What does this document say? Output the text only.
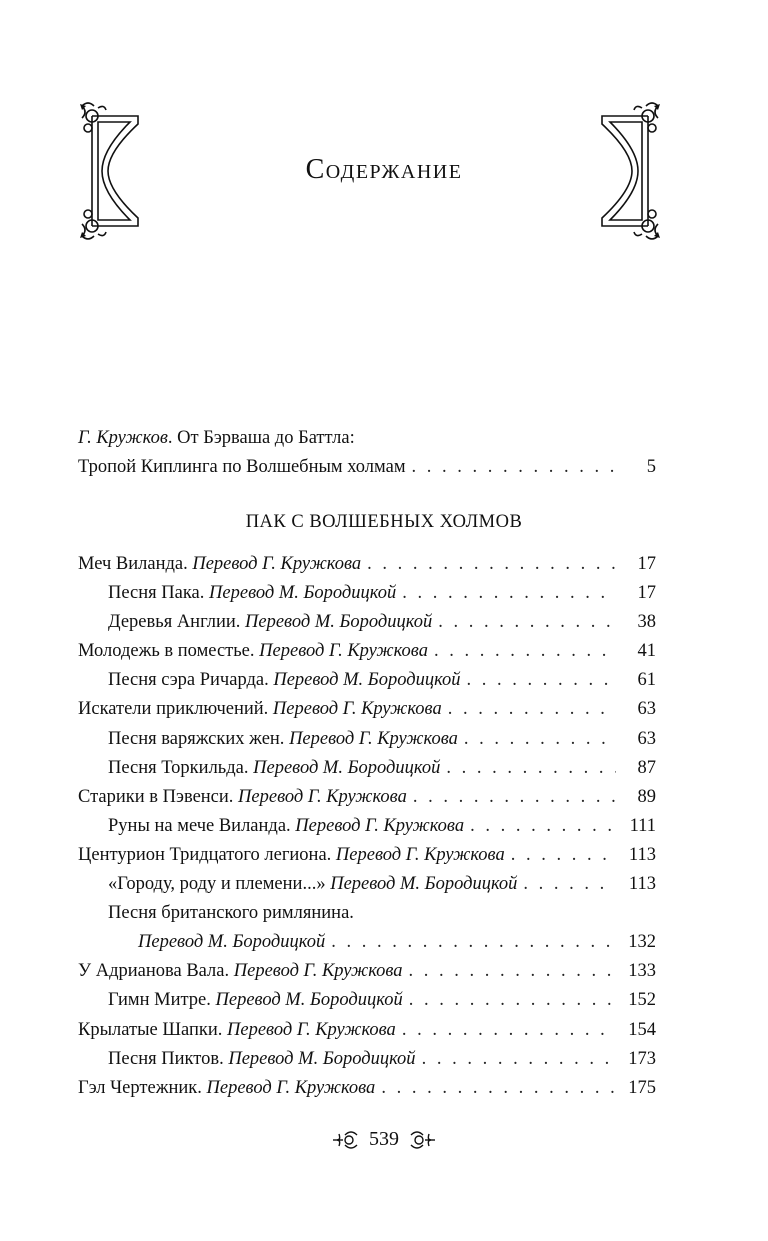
Содержание
Г. Кружков. От Бэрваша до Баттла:
Тропой Киплинга по Волшебным холмам . . .	5
ПАК С ВОЛШЕБНЫХ ХОЛМОВ
Меч Виланда. Перевод Г. Кружкова . . .	17
Песня Пака. Перевод М. Бородицкой . . .	17
Деревья Англии. Перевод М. Бородицкой . . .	38
Молодежь в поместье. Перевод Г. Кружкова . . .	41
Песня сэра Ричарда. Перевод М. Бородицкой . . .	61
Искатели приключений. Перевод Г. Кружкова . . .	63
Песня варяжских жен. Перевод Г. Кружкова . . .	63
Песня Торкильда. Перевод М. Бородицкой . . .	87
Старики в Пэвенси. Перевод Г. Кружкова . . .	89
Руны на мече Виланда. Перевод Г. Кружкова . . .	111
Центурион Тридцатого легиона. Перевод Г. Кружкова . . .	113
«Городу, роду и племени...» Перевод М. Бородицкой . . .	113
Песня британского римлянина.
Перевод М. Бородицкой . . .	132
У Адрианова Вала. Перевод Г. Кружкова . . .	133
Гимн Митре. Перевод М. Бородицкой . . .	152
Крылатые Шапки. Перевод Г. Кружкова . . .	154
Песня Пиктов. Перевод М. Бородицкой . . .	173
Гэл Чертежник. Перевод Г. Кружкова . . .	175
539
